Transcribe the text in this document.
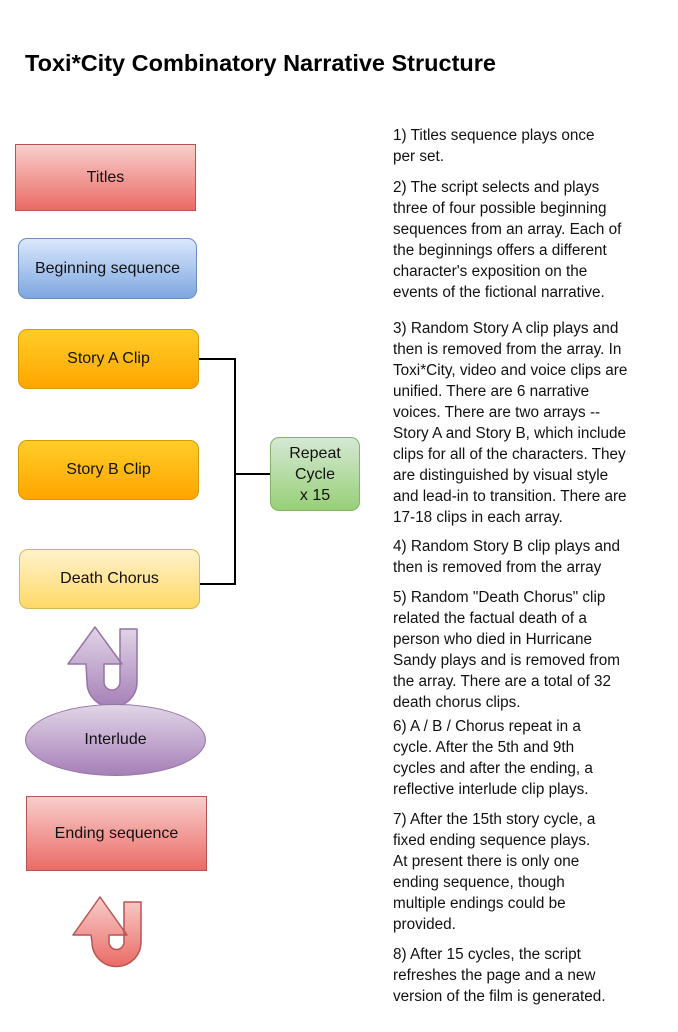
Toxi*City Combinatory Narrative Structure
Titles
Beginning sequence
Story A Clip
Story B Clip
Death Chorus
Repeat
Cycle
x 15
Interlude
Ending sequence
1) Titles sequence plays once
per set.
2) The script selects and plays
three of four possible beginning
sequences from an array. Each of
the beginnings offers a different
character's exposition on the
events of the fictional narrative.
3) Random Story A clip plays and
then is removed from the array. In
Toxi*City, video and voice clips are
unified. There are 6 narrative
voices. There are two arrays --
Story A and Story B, which include
clips for all of the characters. They
are distinguished by visual style
and lead-in to transition. There are
17-18 clips in each array.
4) Random Story B clip plays and
then is removed from the array
5) Random "Death Chorus" clip
related the factual death of a
person who died in Hurricane
Sandy plays and is removed from
the array. There are a total of 32
death chorus clips.
6) A / B / Chorus repeat in a
cycle. After the 5th and 9th
cycles and after the ending, a
reflective interlude clip plays.
7) After the 15th story cycle, a
fixed ending sequence plays.
At present there is only one
ending sequence, though
multiple endings could be
provided.
8) After 15 cycles, the script
refreshes the page and a new
version of the film is generated.
